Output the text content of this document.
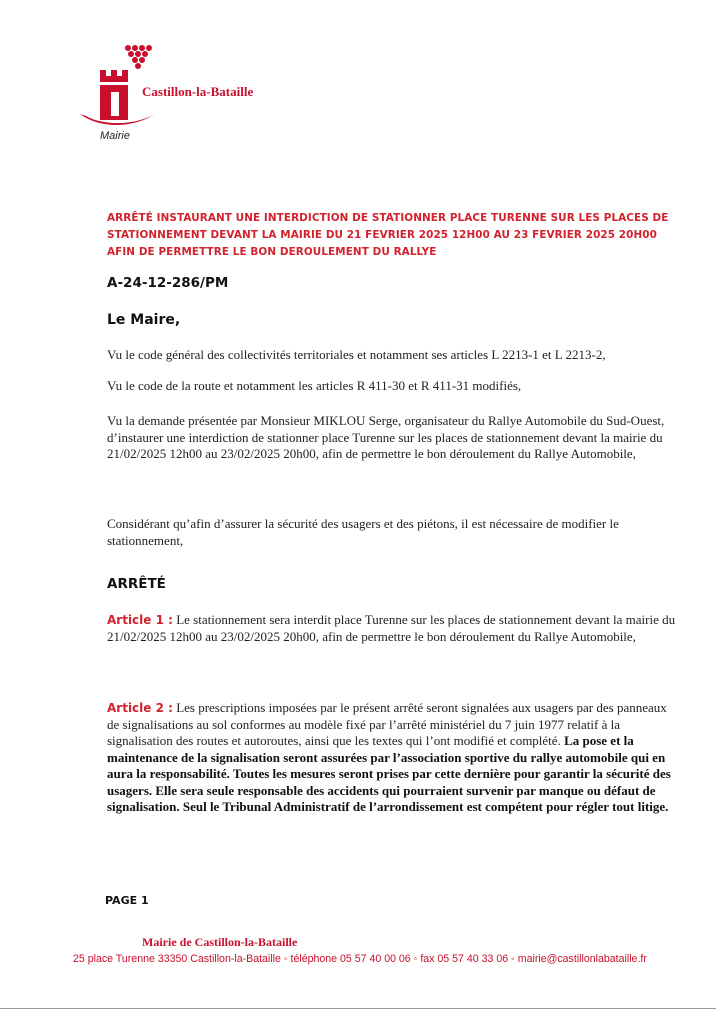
Castillon-la-Bataille
Mairie
ARRÊTÉ INSTAURANT UNE INTERDICTION DE STATIONNER PLACE TURENNE SUR LES PLACES DE STATIONNEMENT DEVANT LA MAIRIE DU 21 FEVRIER 2025 12H00 AU 23 FEVRIER 2025 20H00 AFIN DE PERMETTRE LE BON DEROULEMENT DU RALLYE
A-24-12-286/PM
Le Maire,
Vu le code général des collectivités territoriales et notamment ses articles L 2213-1 et L 2213-2,
Vu le code de la route et notamment les articles R 411-30 et R 411-31 modifiés,
Vu la demande présentée par Monsieur MIKLOU Serge, organisateur du Rallye Automobile du Sud-Ouest, d’instaurer une interdiction de stationner place Turenne sur les places de stationnement devant la mairie du 21/02/2025 12h00 au 23/02/2025 20h00, afin de permettre le bon déroulement du Rallye Automobile,
Considérant qu’afin d’assurer la sécurité des usagers et des piétons, il est nécessaire de modifier le stationnement,
ARRÊTÉ
Article 1 : Le stationnement sera interdit place Turenne sur les places de stationnement devant la mairie du 21/02/2025 12h00 au 23/02/2025 20h00, afin de permettre le bon déroulement du Rallye Automobile,
Article 2 : Les prescriptions imposées par le présent arrêté seront signalées aux usagers par des panneaux de signalisations au sol conformes au modèle fixé par l’arrêté ministériel du 7 juin 1977 relatif à la signalisation des routes et autoroutes, ainsi que les textes qui l’ont modifié et complété. La pose et la maintenance de la signalisation seront assurées par l’association sportive du rallye automobile qui en aura la responsabilité. Toutes les mesures seront prises par cette dernière pour garantir la sécurité des usagers. Elle sera seule responsable des accidents qui pourraient survenir par manque ou défaut de signalisation. Seul le Tribunal Administratif de l’arrondissement est compétent pour régler tout litige.
PAGE 1
Mairie de Castillon-la-Bataille
25 place Turenne 33350 Castillon-la-Bataille ◦ téléphone 05 57 40 00 06 ◦ fax 05 57 40 33 06 ◦ mairie@castillonlabataille.fr
